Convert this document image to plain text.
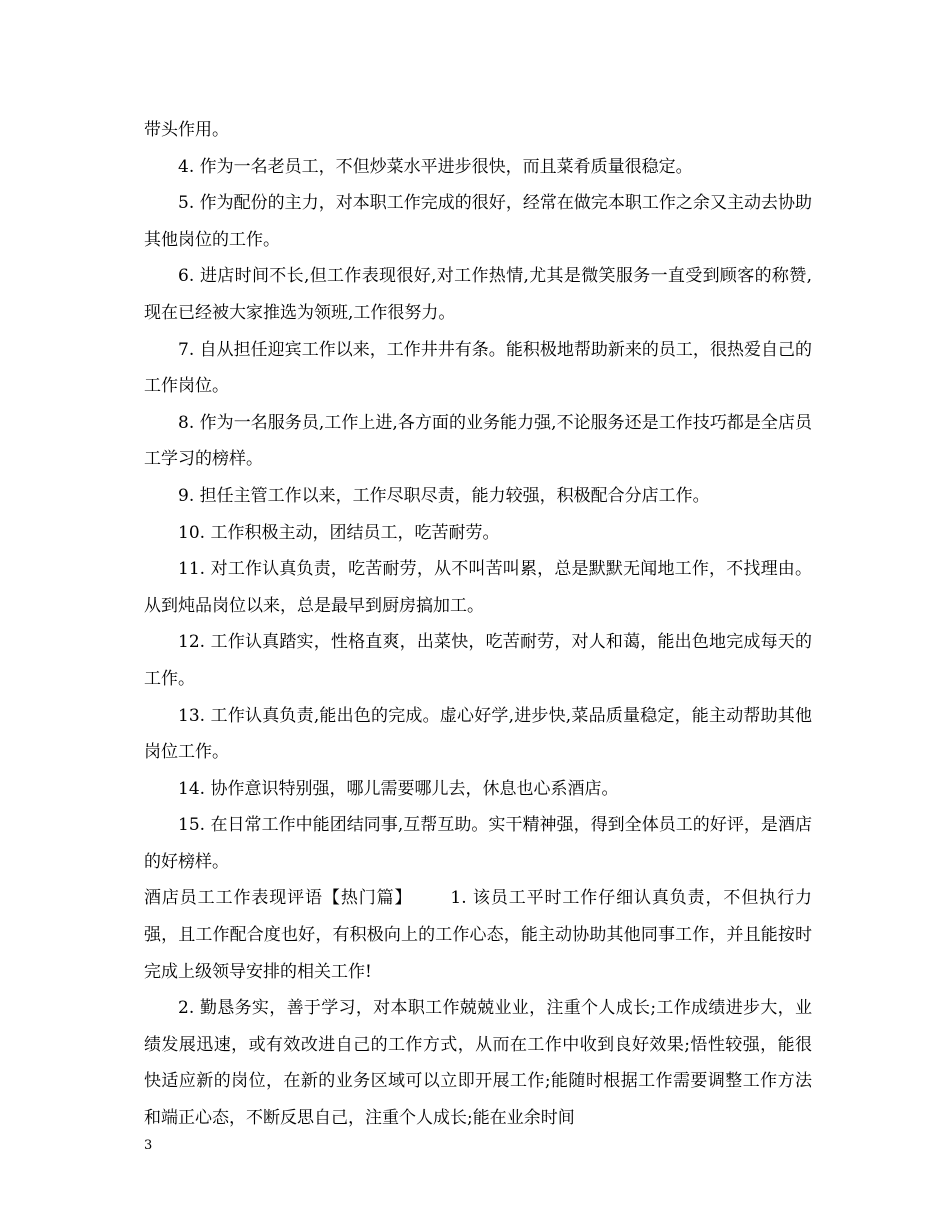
带头作用。

4. 作为一名老员工，不但炒菜水平进步很快，而且菜肴质量很稳定。

5. 作为配份的主力，对本职工作完成的很好，经常在做完本职工作之余又主动去协助其他岗位的工作。

6. 进店时间不长,但工作表现很好,对工作热情,尤其是微笑服务一直受到顾客的称赞,现在已经被大家推选为领班,工作很努力。

7. 自从担任迎宾工作以来，工作井井有条。能积极地帮助新来的员工，很热爱自己的工作岗位。

8. 作为一名服务员,工作上进,各方面的业务能力强,不论服务还是工作技巧都是全店员工学习的榜样。

9. 担任主管工作以来，工作尽职尽责，能力较强，积极配合分店工作。

10. 工作积极主动，团结员工，吃苦耐劳。

11. 对工作认真负责，吃苦耐劳，从不叫苦叫累，总是默默无闻地工作，不找理由。从到炖品岗位以来，总是最早到厨房搞加工。

12. 工作认真踏实，性格直爽，出菜快，吃苦耐劳，对人和蔼，能出色地完成每天的工作。

13. 工作认真负责,能出色的完成。虚心好学,进步快,菜品质量稳定，能主动帮助其他岗位工作。

14. 协作意识特别强，哪儿需要哪儿去，休息也心系酒店。

15. 在日常工作中能团结同事,互帮互助。实干精神强，得到全体员工的好评，是酒店的好榜样。

酒店员工工作表现评语【热门篇】 1. 该员工平时工作仔细认真负责，不但执行力强，且工作配合度也好，有积极向上的工作心态，能主动协助其他同事工作，并且能按时完成上级领导安排的相关工作!

2. 勤恳务实，善于学习，对本职工作兢兢业业，注重个人成长;工作成绩进步大，业绩发展迅速，或有效改进自己的工作方式，从而在工作中收到良好效果;悟性较强，能很快适应新的岗位，在新的业务区域可以立即开展工作;能随时根据工作需要调整工作方法和端正心态，不断反思自己，注重个人成长;能在业余时间

3
